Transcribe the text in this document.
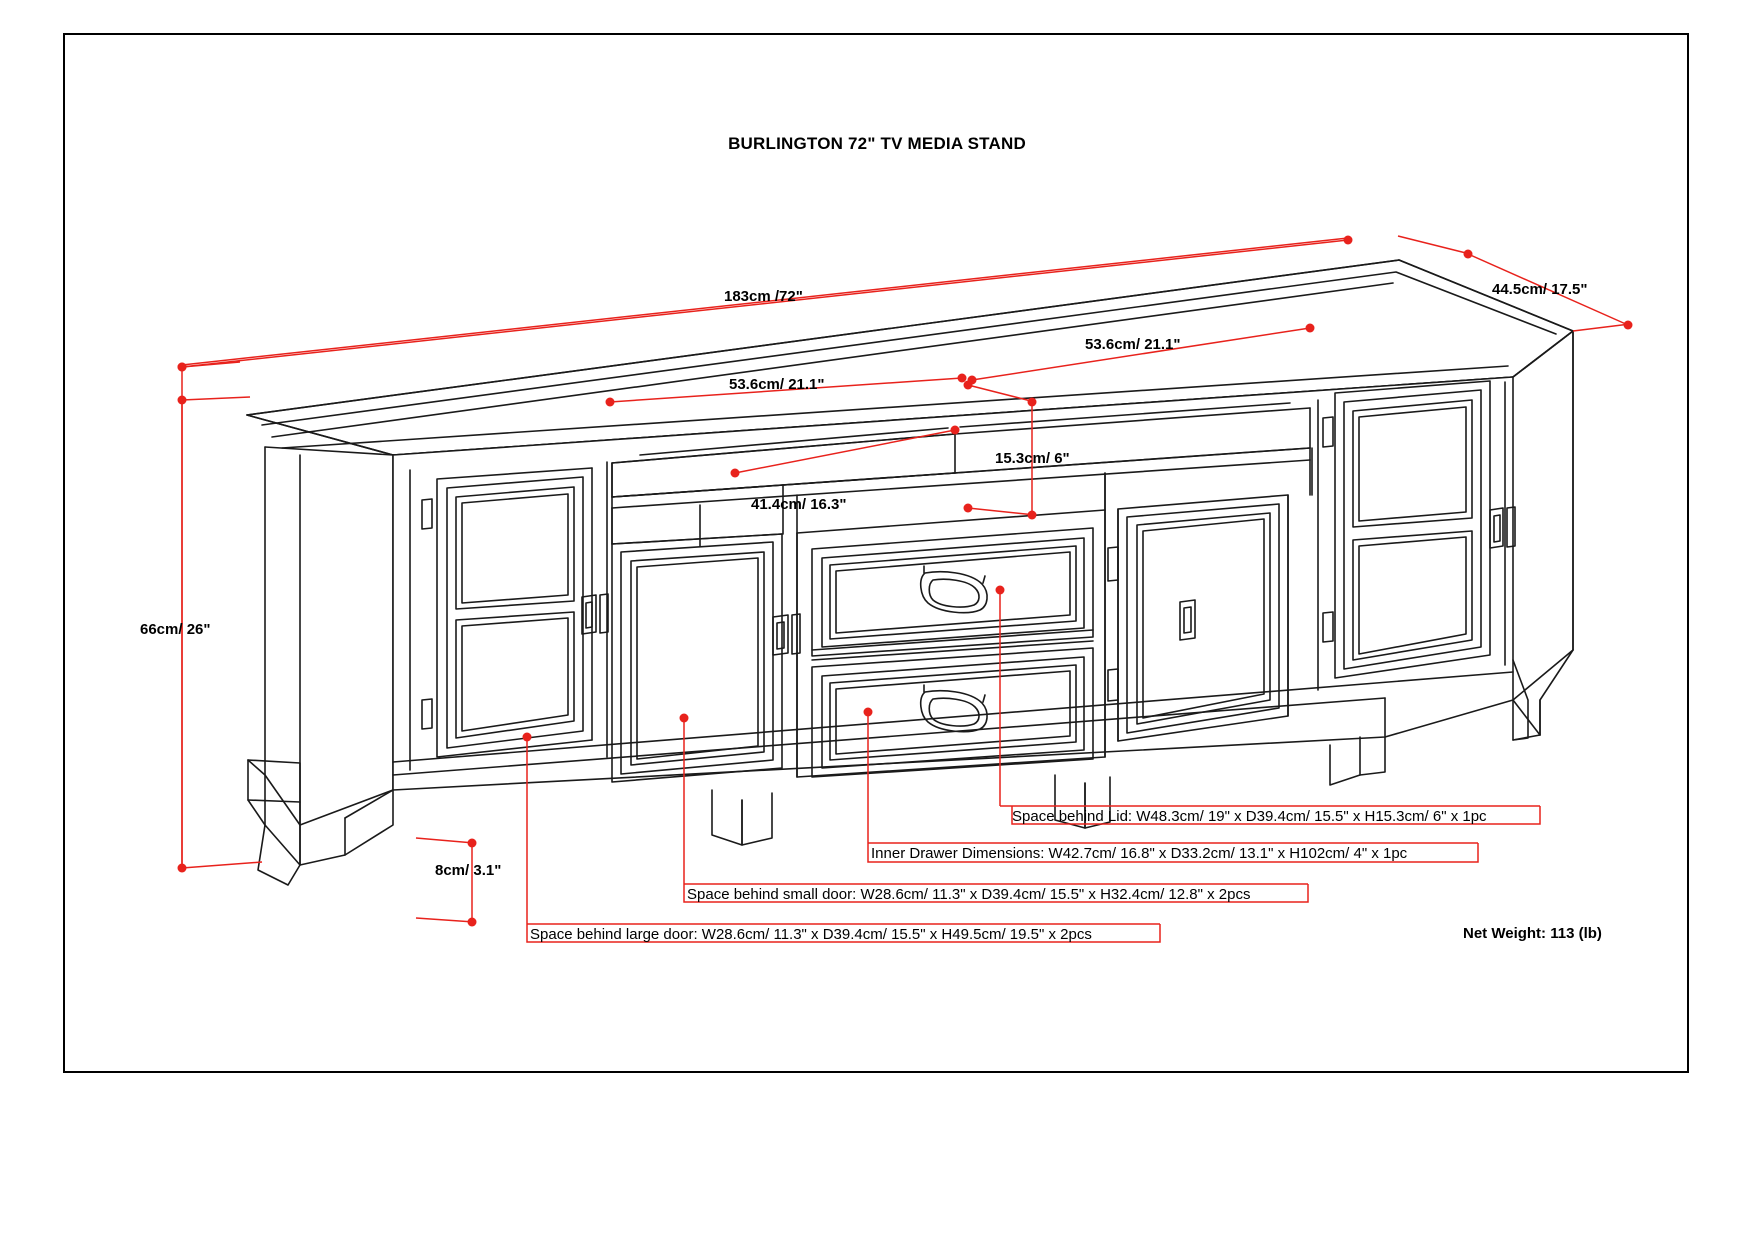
BURLINGTON 72" TV MEDIA STAND
183cm /72"	44.5cm/ 17.5"
66cm/ 26"
8cm/ 3.1"
53.6cm/ 21.1"
53.6cm/ 21.1"
15.3cm/ 6"
41.4cm/ 16.3"
Space behind Lid: W48.3cm/ 19" x D39.4cm/ 15.5" x H15.3cm/ 6" x 1pc
Inner Drawer Dimensions: W42.7cm/ 16.8" x D33.2cm/ 13.1" x H102cm/ 4" x 1pc
Space behind small door: W28.6cm/ 11.3" x D39.4cm/ 15.5" x H32.4cm/ 12.8" x 2pcs
Space behind large door: W28.6cm/ 11.3" x D39.4cm/ 15.5" x H49.5cm/ 19.5" x 2pcs	Net Weight: 113 (lb)
